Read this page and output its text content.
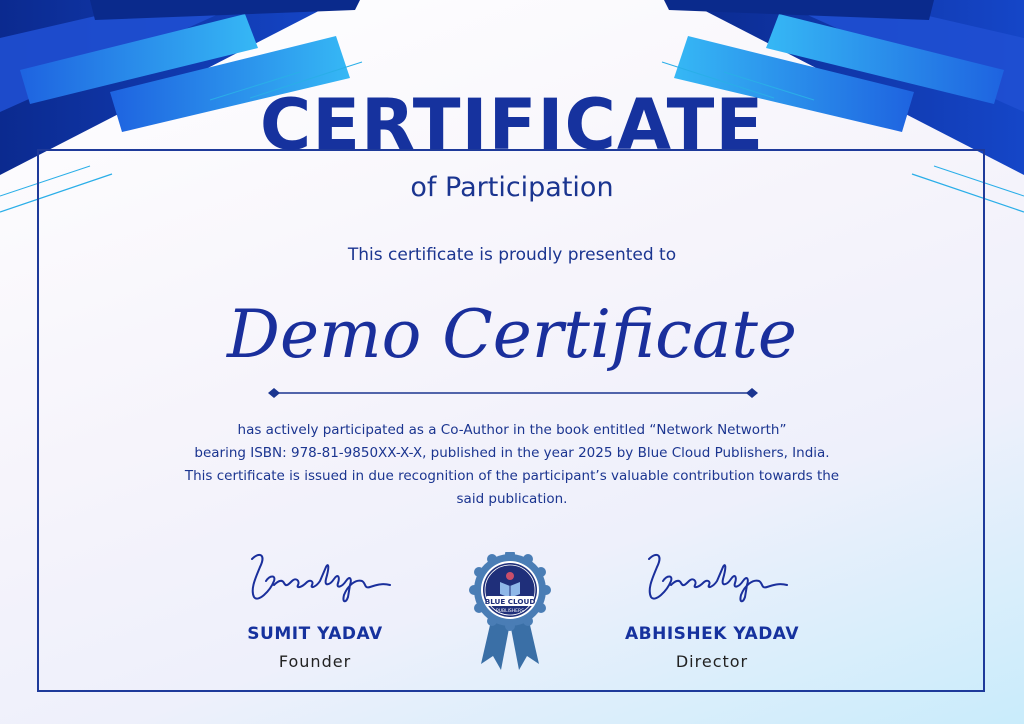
CERTIFICATE
of Participation
This certificate is proudly presented to
Demo Certificate
has actively participated as a Co-Author in the book entitled “Network Networth”
bearing ISBN: 978-81-9850XX-X-X, published in the year 2025 by Blue Cloud Publishers, India.
This certificate is issued in due recognition of the participant’s valuable contribution towards the
said publication.
SUMIT YADAV
Founder
ABHISHEK YADAV
Director
BLUE CLOUD
PUBLISHERS
